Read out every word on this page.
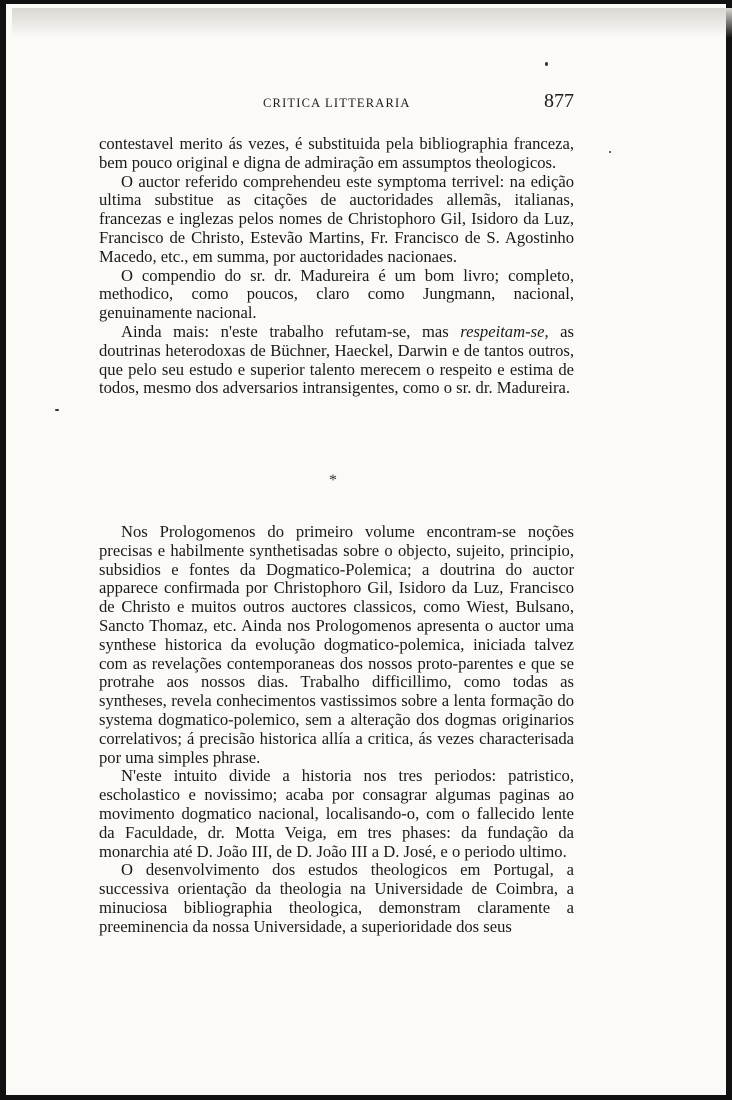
CRITICA LITTERARIA	877

contestavel merito ás vezes, é substituida pela bibliographia franceza, bem pouco original e digna de admiração em assumptos theologicos.

O auctor referido comprehendeu este symptoma terrivel: na edição ultima substitue as citações de auctoridades allemãs, italianas, francezas e inglezas pelos nomes de Christophoro Gil, Isidoro da Luz, Francisco de Christo, Estevão Martins, Fr. Francisco de S. Agostinho Macedo, etc., em summa, por auctoridades nacionaes.

O compendio do sr. dr. Madureira é um bom livro; completo, methodico, como poucos, claro como Jungmann, nacional, genuinamente nacional.

Ainda mais: n'este trabalho refutam-se, mas respeitam-se, as doutrinas heterodoxas de Büchner, Haeckel, Darwin e de tantos outros, que pelo seu estudo e superior talento merecem o respeito e estima de todos, mesmo dos adversarios intransigentes, como o sr. dr. Madureira.

*

Nos Prologomenos do primeiro volume encontram-se noções precisas e habilmente synthetisadas sobre o objecto, sujeito, principio, subsidios e fontes da Dogmatico-Polemica; a doutrina do auctor apparece confirmada por Christophoro Gil, Isidoro da Luz, Francisco de Christo e muitos outros auctores classicos, como Wiest, Bulsano, Sancto Thomaz, etc. Ainda nos Prologomenos apresenta o auctor uma synthese historica da evolução dogmatico-polemica, iniciada talvez com as revelações contemporaneas dos nossos proto-parentes e que se protrahe aos nossos dias. Trabalho difficillimo, como todas as syntheses, revela conhecimentos vastissimos sobre a lenta formação do systema dogmatico-polemico, sem a alteração dos dogmas originarios correlativos; á precisão historica allía a critica, ás vezes characterisada por uma simples phrase.

N'este intuito divide a historia nos tres periodos: patristico, escholastico e novissimo; acaba por consagrar algumas paginas ao movimento dogmatico nacional, localisando-o, com o fallecido lente da Faculdade, dr. Motta Veiga, em tres phases: da fundação da monarchia até D. João III, de D. João III a D. José, e o periodo ultimo.

O desenvolvimento dos estudos theologicos em Portugal, a successiva orientação da theologia na Universidade de Coimbra, a minuciosa bibliographia theologica, demonstram claramente a preeminencia da nossa Universidade, a superioridade dos seus
